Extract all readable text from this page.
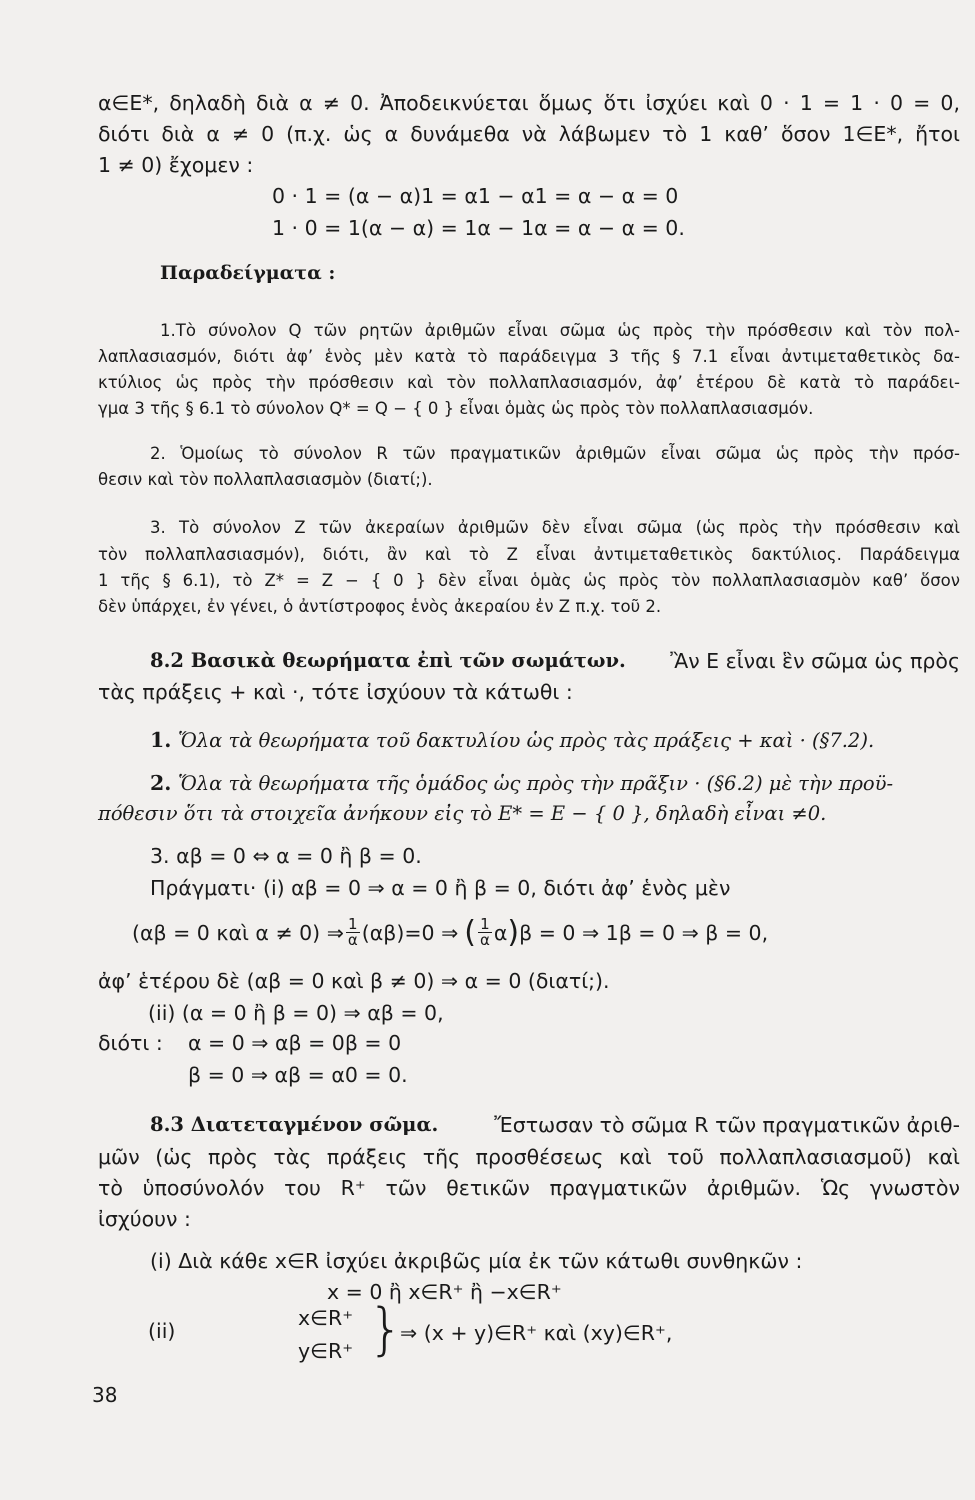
α∈E*, δηλαδὴ διὰ α ≠ 0. Ἀποδεικνύεται ὅμως ὅτι ἰσχύει καὶ 0 · 1 = 1 · 0 = 0,
διότι διὰ α ≠ 0 (π.χ. ὡς α δυνάμεθα νὰ λάβωμεν τὸ 1 καθ’ ὅσον 1∈E*, ἤτοι
1 ≠ 0) ἔχομεν :
0 · 1 = (α − α)1 = α1 − α1 = α − α = 0
1 · 0 = 1(α − α) = 1α − 1α = α − α = 0.
Παραδείγματα :
1.Τὸ σύνολον Q τῶν ρητῶν ἀριθμῶν εἶναι σῶμα ὡς πρὸς τὴν πρόσθεσιν καὶ τὸν πολ-
λαπλασιασμόν, διότι ἀφ’ ἑνὸς μὲν κατὰ τὸ παράδειγμα 3 τῆς § 7.1 εἶναι ἀντιμεταθετικὸς δα-
κτύλιος ὡς πρὸς τὴν πρόσθεσιν καὶ τὸν πολλαπλασιασμόν, ἀφ’ ἑτέρου δὲ κατὰ τὸ παράδει-
γμα 3 τῆς § 6.1 τὸ σύνολον Q* = Q − { 0 } εἶναι ὁμὰς ὡς πρὸς τὸν πολλαπλασιασμόν.
2. Ὁμοίως τὸ σύνολον R τῶν πραγματικῶν ἀριθμῶν εἶναι σῶμα ὡς πρὸς τὴν πρόσ-
θεσιν καὶ τὸν πολλαπλασιασμὸν (διατί;).
3. Τὸ σύνολον Z τῶν ἀκεραίων ἀριθμῶν δὲν εἶναι σῶμα (ὡς πρὸς τὴν πρόσθεσιν καὶ
τὸν πολλαπλασιασμόν), διότι, ἂν καὶ τὸ Z εἶναι ἀντιμεταθετικὸς δακτύλιος. Παράδειγμα
1 τῆς § 6.1), τὸ Z* = Z − { 0 } δὲν εἶναι ὁμὰς ὡς πρὸς τὸν πολλαπλασιασμὸν καθ’ ὅσον
δὲν ὑπάρχει, ἐν γένει, ὁ ἀντίστροφος ἑνὸς ἀκεραίου ἐν Z π.χ. τοῦ 2.
8.2 Βασικὰ θεωρήματα ἐπὶ τῶν σωμάτων. Ἂν E εἶναι ἓν σῶμα ὡς πρὸς
τὰς πράξεις + καὶ ·, τότε ἰσχύουν τὰ κάτωθι :
1. Ὅλα τὰ θεωρήματα τοῦ δακτυλίου ὡς πρὸς τὰς πράξεις + καὶ · (§7.2).
2. Ὅλα τὰ θεωρήματα τῆς ὁμάδος ὡς πρὸς τὴν πρᾶξιν · (§6.2) μὲ τὴν προϋ-
πόθεσιν ὅτι τὰ στοιχεῖα ἀνήκουν εἰς τὸ E* = E − { 0 }, δηλαδὴ εἶναι ≠0.
3. αβ = 0 ⇔ α = 0 ἢ β = 0.
Πράγματι· (i) αβ = 0 ⇒ α = 0 ἢ β = 0, διότι ἀφ’ ἑνὸς μὲν
(αβ = 0 καὶ α ≠ 0) ⇒ $\frac{1}{\alpha} (\alpha\beta)=0$ ⇒ ( $\frac{1}{\alpha}$ α ) β = 0 ⇒ 1β = 0 ⇒ β = 0,
ἀφ’ ἑτέρου δὲ (αβ = 0 καὶ β ≠ 0) ⇒ α = 0 (διατί;).
(ii) (α = 0 ἢ β = 0) ⇒ αβ = 0,
διότι : α = 0 ⇒ αβ = 0β = 0
β = 0 ⇒ αβ = α0 = 0.
8.3 Διατεταγμένον σῶμα.	Ἔστωσαν τὸ σῶμα R τῶν πραγματικῶν ἀριθ-
μῶν (ὡς πρὸς τὰς πράξεις τῆς προσθέσεως καὶ τοῦ πολλαπλασιασμοῦ) καὶ
τὸ ὑποσύνολόν του R⁺ τῶν θετικῶν πραγματικῶν ἀριθμῶν. Ὡς γνωστὸν
ἰσχύουν :
(i) Διὰ κάθε x∈R ἰσχύει ἀκριβῶς μία ἐκ τῶν κάτωθι συνθηκῶν :
x = 0 ἢ x∈R⁺ ἢ −x∈R⁺
(ii)
x∈R⁺
y∈R⁺ }
⇒ (x + y)∈R⁺ καὶ (xy)∈R⁺,
38
